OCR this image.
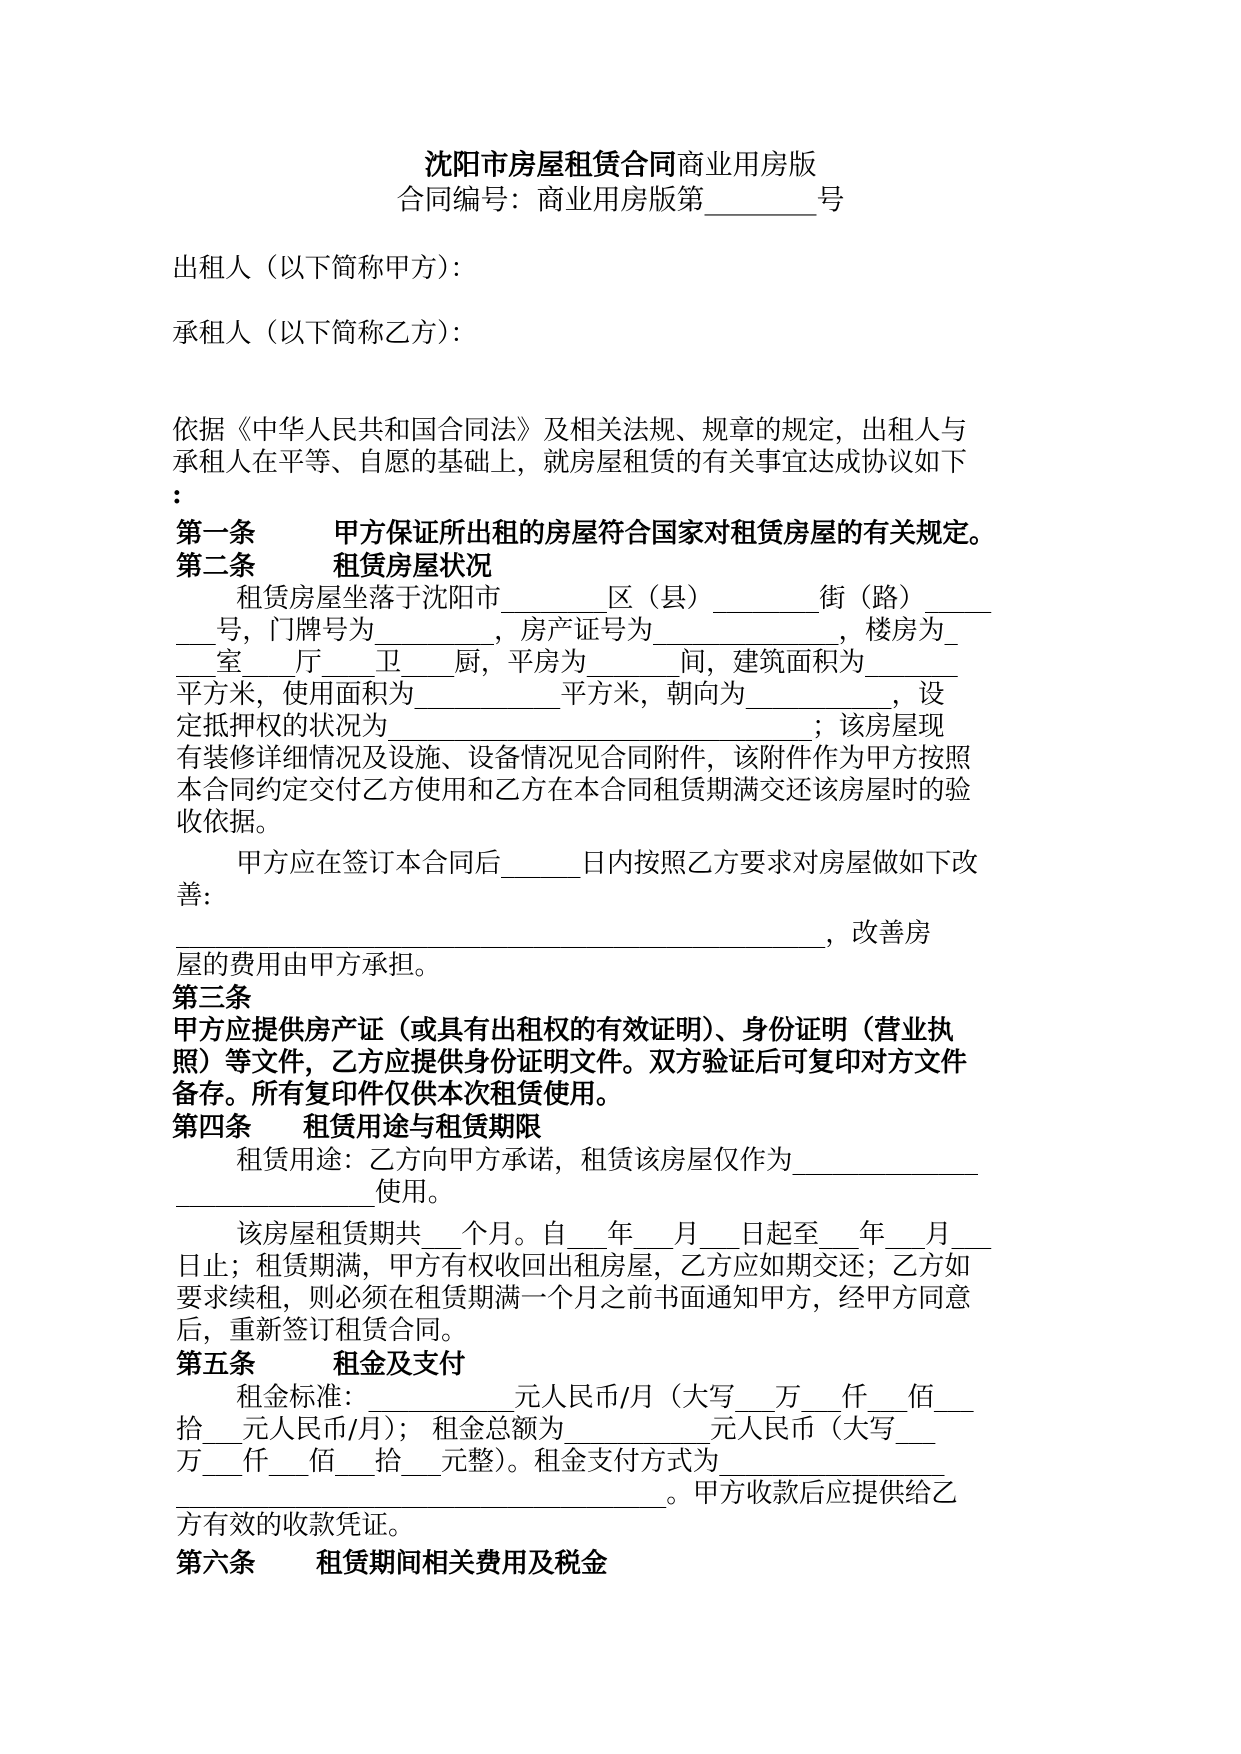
沈阳市房屋租赁合同商业用房版
合同编号：商业用房版第________号
出租人（以下简称甲方）：
承租人（以下简称乙方）：
依据《中华人民共和国合同法》及相关法规、规章的规定，出租人与
承租人在平等、自愿的基础上，就房屋租赁的有关事宜达成协议如下
:
第一条	甲方保证所出租的房屋符合国家对租赁房屋的有关规定。
第二条	租赁房屋状况
租赁房屋坐落于沈阳市________区（县）________街（路）_____
___号，门牌号为_________，房产证号为______________，楼房为_
___室____厅____卫____厨，平房为_______间，建筑面积为_______
平方米，使用面积为___________平方米，朝向为___________，设
定抵押权的状况为________________________________；该房屋现
有装修详细情况及设施、设备情况见合同附件，该附件作为甲方按照
本合同约定交付乙方使用和乙方在本合同租赁期满交还该房屋时的验
收依据。
甲方应在签订本合同后______日内按照乙方要求对房屋做如下改
善:
_________________________________________________，改善房
屋的费用由甲方承担。
第三条
甲方应提供房产证（或具有出租权的有效证明）、身份证明（营业执
照）等文件，乙方应提供身份证明文件。双方验证后可复印对方文件
备存。所有复印件仅供本次租赁使用。
第四条	租赁用途与租赁期限
租赁用途：乙方向甲方承诺，租赁该房屋仅作为______________
_______________使用。
该房屋租赁期共___个月。自___年___月___日起至___年___月___
日止；租赁期满，甲方有权收回出租房屋，乙方应如期交还；乙方如
要求续租，则必须在租赁期满一个月之前书面通知甲方，经甲方同意
后，重新签订租赁合同。
第五条	租金及支付
租金标准：___________元人民币/月（大写___万___仟___佰___
拾___元人民币/月）； 租金总额为___________元人民币（大写___
万___仟___佰___拾___元整）。租金支付方式为_________________
_____________________________________。甲方收款后应提供给乙
方有效的收款凭证。
第六条	租赁期间相关费用及税金
